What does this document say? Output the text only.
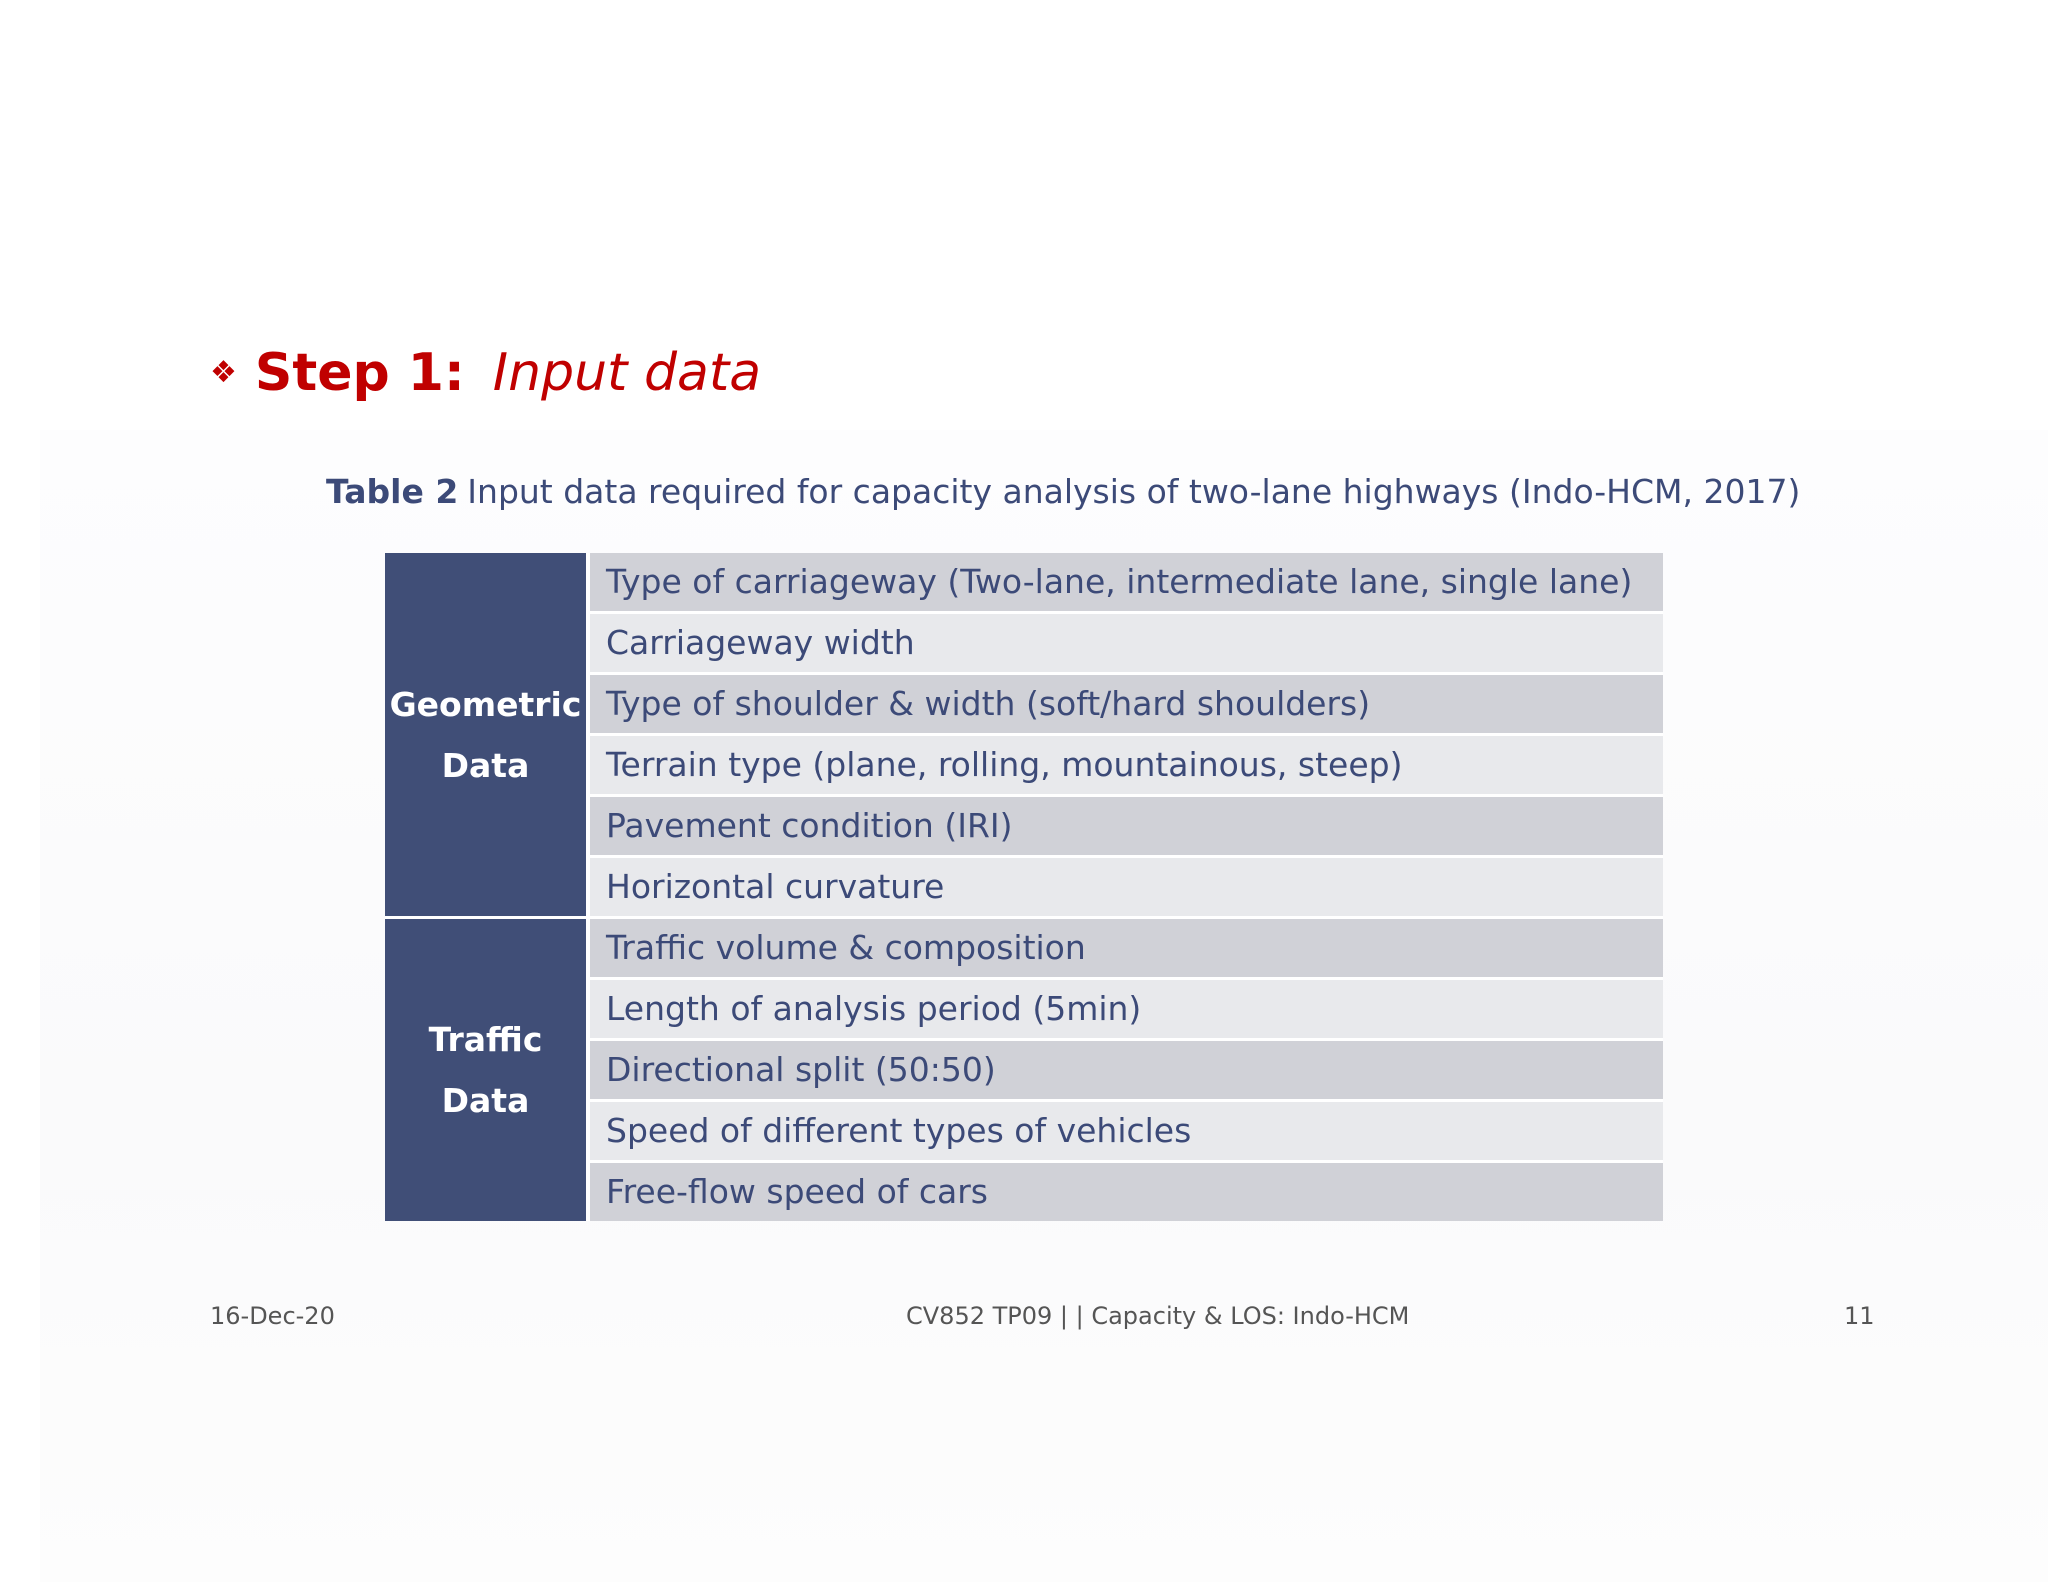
❖ Step 1: Input data
Table 2 Input data required for capacity analysis of two-lane highways (Indo-HCM, 2017)
Geometric
Data
Type of carriageway (Two-lane, intermediate lane, single lane)
Carriageway width
Type of shoulder & width (soft/hard shoulders)
Terrain type (plane, rolling, mountainous, steep)
Pavement condition (IRI)
Horizontal curvature
Traffic
Data
Traffic volume & composition
Length of analysis period (5min)
Directional split (50:50)
Speed of different types of vehicles
Free-flow speed of cars
16-Dec-20	CV852 TP09 | | Capacity & LOS: Indo-HCM	11
